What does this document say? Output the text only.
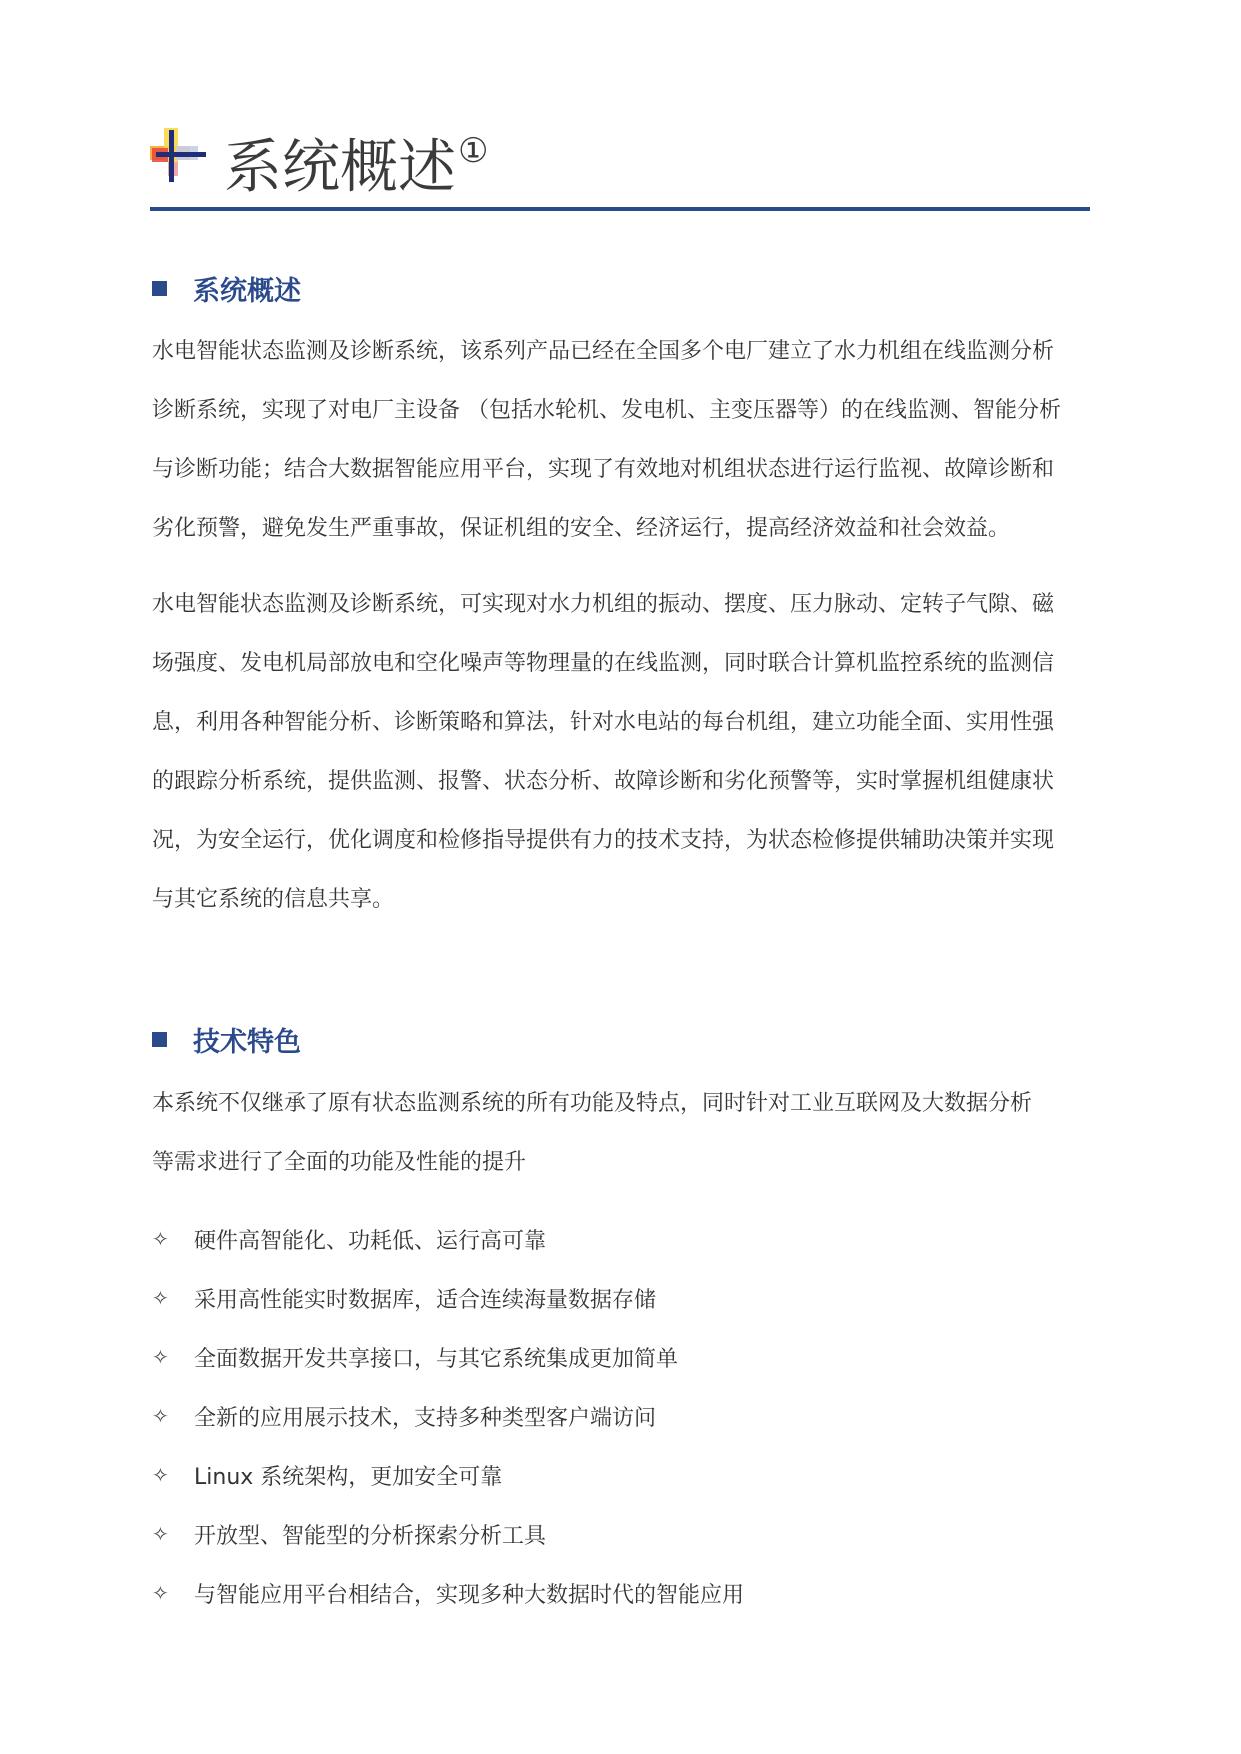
系统概述①
系统概述
水电智能状态监测及诊断系统，该系列产品已经在全国多个电厂建立了水力机组在线监测分析
诊断系统，实现了对电厂主设备 （包括水轮机、发电机、主变压器等）的在线监测、智能分析
与诊断功能；结合大数据智能应用平台，实现了有效地对机组状态进行运行监视、故障诊断和
劣化预警，避免发生严重事故，保证机组的安全、经济运行，提高经济效益和社会效益。
水电智能状态监测及诊断系统，可实现对水力机组的振动、摆度、压力脉动、定转子气隙、磁
场强度、发电机局部放电和空化噪声等物理量的在线监测，同时联合计算机监控系统的监测信
息，利用各种智能分析、诊断策略和算法，针对水电站的每台机组，建立功能全面、实用性强
的跟踪分析系统，提供监测、报警、状态分析、故障诊断和劣化预警等，实时掌握机组健康状
况，为安全运行，优化调度和检修指导提供有力的技术支持，为状态检修提供辅助决策并实现
与其它系统的信息共享。
技术特色
本系统不仅继承了原有状态监测系统的所有功能及特点，同时针对工业互联网及大数据分析
等需求进行了全面的功能及性能的提升
✧	硬件高智能化、功耗低、运行高可靠
✧	采用高性能实时数据库，适合连续海量数据存储
✧	全面数据开发共享接口，与其它系统集成更加简单
✧	全新的应用展示技术，支持多种类型客户端访问
✧	Linux 系统架构，更加安全可靠
✧	开放型、智能型的分析探索分析工具
✧	与智能应用平台相结合，实现多种大数据时代的智能应用
